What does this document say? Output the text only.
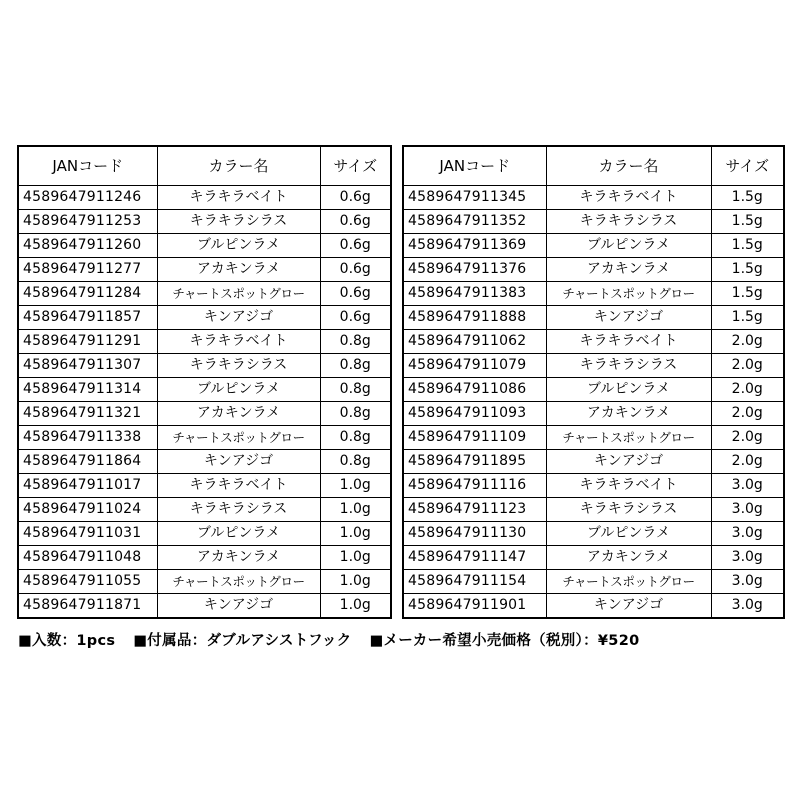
JANコード	カラー名	サイズ
4589647911246	キラキラベイト	0.6g
4589647911253	キラキラシラス	0.6g
4589647911260	ブルピンラメ	0.6g
4589647911277	アカキンラメ	0.6g
4589647911284	チャートスポットグロー	0.6g
4589647911857	キンアジゴ	0.6g
4589647911291	キラキラベイト	0.8g
4589647911307	キラキラシラス	0.8g
4589647911314	ブルピンラメ	0.8g
4589647911321	アカキンラメ	0.8g
4589647911338	チャートスポットグロー	0.8g
4589647911864	キンアジゴ	0.8g
4589647911017	キラキラベイト	1.0g
4589647911024	キラキラシラス	1.0g
4589647911031	ブルピンラメ	1.0g
4589647911048	アカキンラメ	1.0g
4589647911055	チャートスポットグロー	1.0g
4589647911871	キンアジゴ	1.0g
JANコード	カラー名	サイズ
4589647911345	キラキラベイト	1.5g
4589647911352	キラキラシラス	1.5g
4589647911369	ブルピンラメ	1.5g
4589647911376	アカキンラメ	1.5g
4589647911383	チャートスポットグロー	1.5g
4589647911888	キンアジゴ	1.5g
4589647911062	キラキラベイト	2.0g
4589647911079	キラキラシラス	2.0g
4589647911086	ブルピンラメ	2.0g
4589647911093	アカキンラメ	2.0g
4589647911109	チャートスポットグロー	2.0g
4589647911895	キンアジゴ	2.0g
4589647911116	キラキラベイト	3.0g
4589647911123	キラキラシラス	3.0g
4589647911130	ブルピンラメ	3.0g
4589647911147	アカキンラメ	3.0g
4589647911154	チャートスポットグロー	3.0g
4589647911901	キンアジゴ	3.0g
■入数：1pcs ■付属品：ダブルアシストフック ■メーカー希望小売価格（税別）：¥520
